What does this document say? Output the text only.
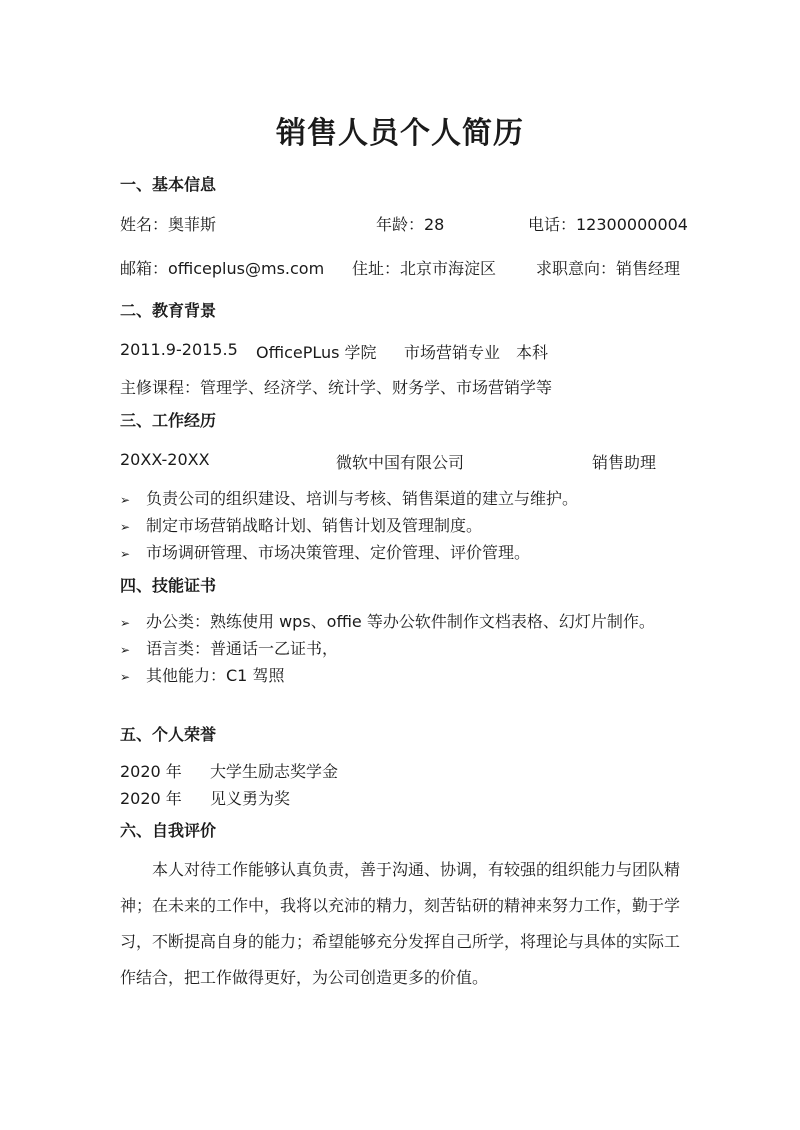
销售人员个人简历
一、基本信息
姓名：奥菲斯	年龄：28	电话：12300000004
邮箱：officeplus@ms.com 住址：北京市海淀区 求职意向：销售经理
二、教育背景
2011.9-2015.5 OfficePLus 学院 市场营销专业 本科
主修课程：管理学、经济学、统计学、财务学、市场营销学等
三、工作经历
20XX-20XX	微软中国有限公司	销售助理
➢ 负责公司的组织建设、培训与考核、销售渠道的建立与维护。
➢ 制定市场营销战略计划、销售计划及管理制度。
➢ 市场调研管理、市场决策管理、定价管理、评价管理。
四、技能证书
➢ 办公类：熟练使用 wps、offie 等办公软件制作文档表格、幻灯片制作。
➢ 语言类：普通话一乙证书，
➢ 其他能力：C1 驾照
五、个人荣誉
2020 年 大学生励志奖学金
2020 年 见义勇为奖
六、自我评价
本人对待工作能够认真负责，善于沟通、协调，有较强的组织能力与团队精神；在未来的工作中，我将以充沛的精力，刻苦钻研的精神来努力工作，勤于学习，不断提高自身的能力；希望能够充分发挥自己所学，将理论与具体的实际工作结合，把工作做得更好，为公司创造更多的价值。
